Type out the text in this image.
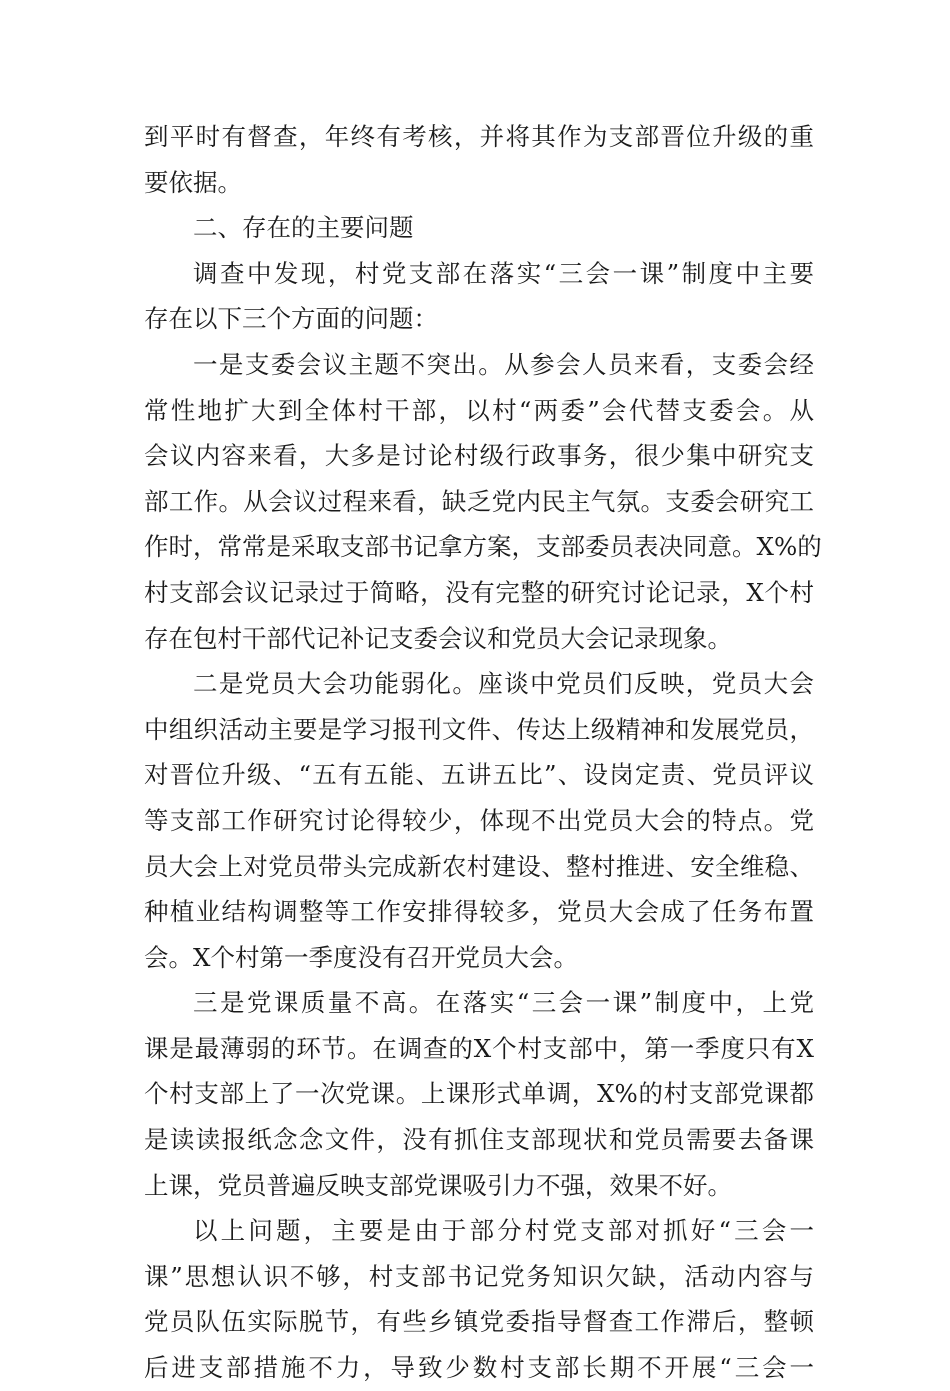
到平时有督查，年终有考核，并将其作为支部晋位升级的重
要依据。
二、存在的主要问题
调查中发现，村党支部在落实“三会一课”制度中主要
存在以下三个方面的问题：
一是支委会议主题不突出。从参会人员来看，支委会经
常性地扩大到全体村干部，以村“两委”会代替支委会。从
会议内容来看，大多是讨论村级行政事务，很少集中研究支
部工作。从会议过程来看，缺乏党内民主气氛。支委会研究工
作时，常常是采取支部书记拿方案，支部委员表决同意。X%的
村支部会议记录过于简略，没有完整的研究讨论记录，X个村
存在包村干部代记补记支委会议和党员大会记录现象。
二是党员大会功能弱化。座谈中党员们反映，党员大会
中组织活动主要是学习报刊文件、传达上级精神和发展党员，
对晋位升级、“五有五能、五讲五比”、设岗定责、党员评议
等支部工作研究讨论得较少，体现不出党员大会的特点。党
员大会上对党员带头完成新农村建设、整村推进、安全维稳、
种植业结构调整等工作安排得较多，党员大会成了任务布置
会。X个村第一季度没有召开党员大会。
三是党课质量不高。在落实“三会一课”制度中，上党
课是最薄弱的环节。在调查的X个村支部中，第一季度只有X
个村支部上了一次党课。上课形式单调，X%的村支部党课都
是读读报纸念念文件，没有抓住支部现状和党员需要去备课
上课，党员普遍反映支部党课吸引力不强，效果不好。
以上问题，主要是由于部分村党支部对抓好“三会一
课”思想认识不够，村支部书记党务知识欠缺，活动内容与
党员队伍实际脱节，有些乡镇党委指导督查工作滞后，整顿
后进支部措施不力，导致少数村支部长期不开展“三会一
